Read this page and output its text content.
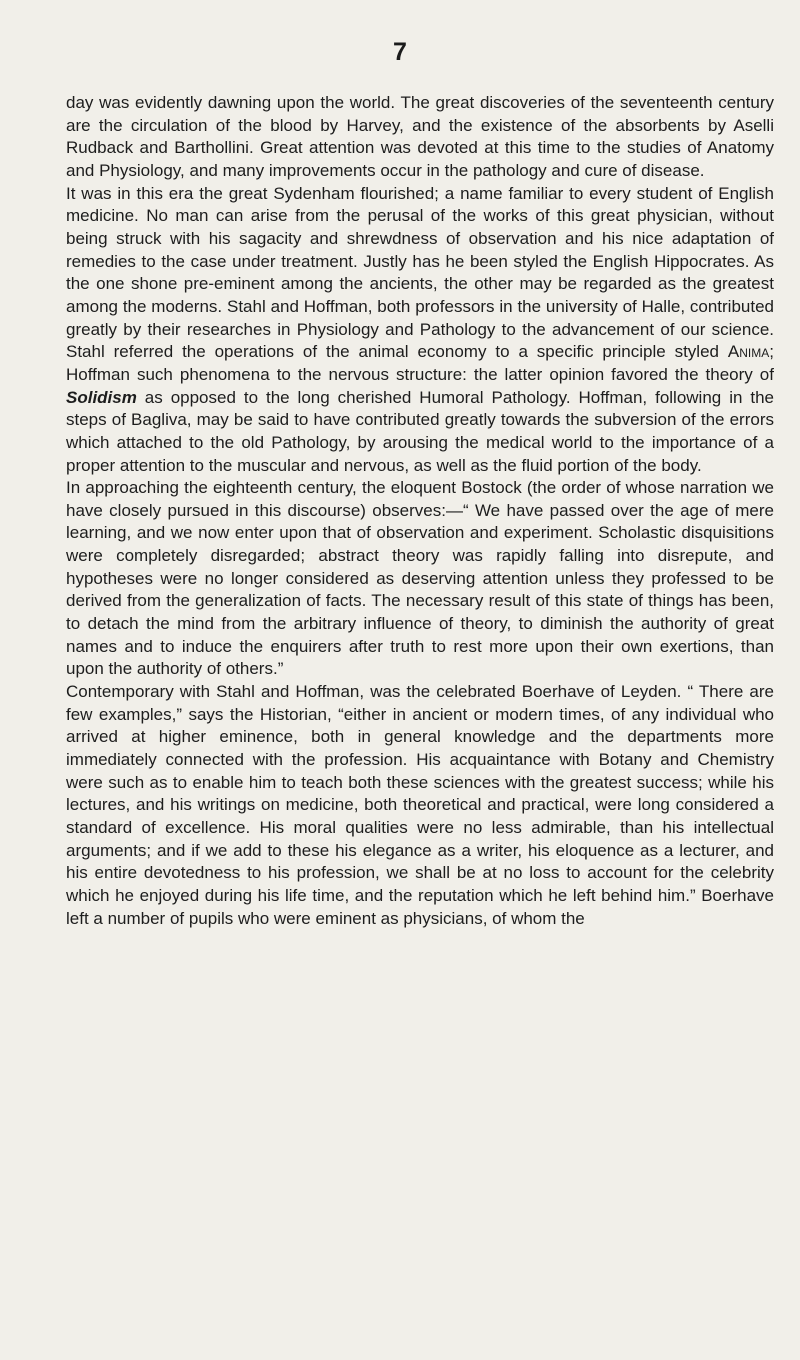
7

day was evidently dawning upon the world. The great discoveries of the seventeenth century are the circulation of the blood by Harvey, and the existence of the absorbents by Aselli Rudback and Barthollini. Great attention was devoted at this time to the studies of Anatomy and Physiology, and many improvements occur in the pathology and cure of disease.

It was in this era the great Sydenham flourished; a name familiar to every student of English medicine. No man can arise from the perusal of the works of this great physician, without being struck with his sagacity and shrewdness of observation and his nice adaptation of remedies to the case under treatment. Justly has he been styled the English Hippocrates. As the one shone pre-eminent among the ancients, the other may be regarded as the greatest among the moderns. Stahl and Hoffman, both professors in the university of Halle, contributed greatly by their researches in Physiology and Pathology to the advancement of our science. Stahl referred the operations of the animal economy to a specific principle styled Anima; Hoffman such phenomena to the nervous structure: the latter opinion favored the theory of Solidism as opposed to the long cherished Humoral Pathology. Hoffman, following in the steps of Bagliva, may be said to have contributed greatly towards the subversion of the errors which attached to the old Pathology, by arousing the medical world to the importance of a proper attention to the muscular and nervous, as well as the fluid portion of the body.

In approaching the eighteenth century, the eloquent Bostock (the order of whose narration we have closely pursued in this discourse) observes:—“ We have passed over the age of mere learning, and we now enter upon that of observation and experiment. Scholastic disquisitions were completely disregarded; abstract theory was rapidly falling into disrepute, and hypotheses were no longer considered as deserving attention unless they professed to be derived from the generalization of facts. The necessary result of this state of things has been, to detach the mind from the arbitrary influence of theory, to diminish the authority of great names and to induce the enquirers after truth to rest more upon their own exertions, than upon the authority of others.”

Contemporary with Stahl and Hoffman, was the celebrated Boerhave of Leyden. “ There are few examples,” says the Historian, “either in ancient or modern times, of any individual who arrived at higher eminence, both in general knowledge and the departments more immediately connected with the profession. His acquaintance with Botany and Chemistry were such as to enable him to teach both these sciences with the greatest success; while his lectures, and his writings on medicine, both theoretical and practical, were long considered a standard of excellence. His moral qualities were no less admirable, than his intellectual arguments; and if we add to these his elegance as a writer, his eloquence as a lecturer, and his entire devotedness to his profession, we shall be at no loss to account for the celebrity which he enjoyed during his life time, and the reputation which he left behind him.” Boerhave left a number of pupils who were eminent as physicians, of whom the
